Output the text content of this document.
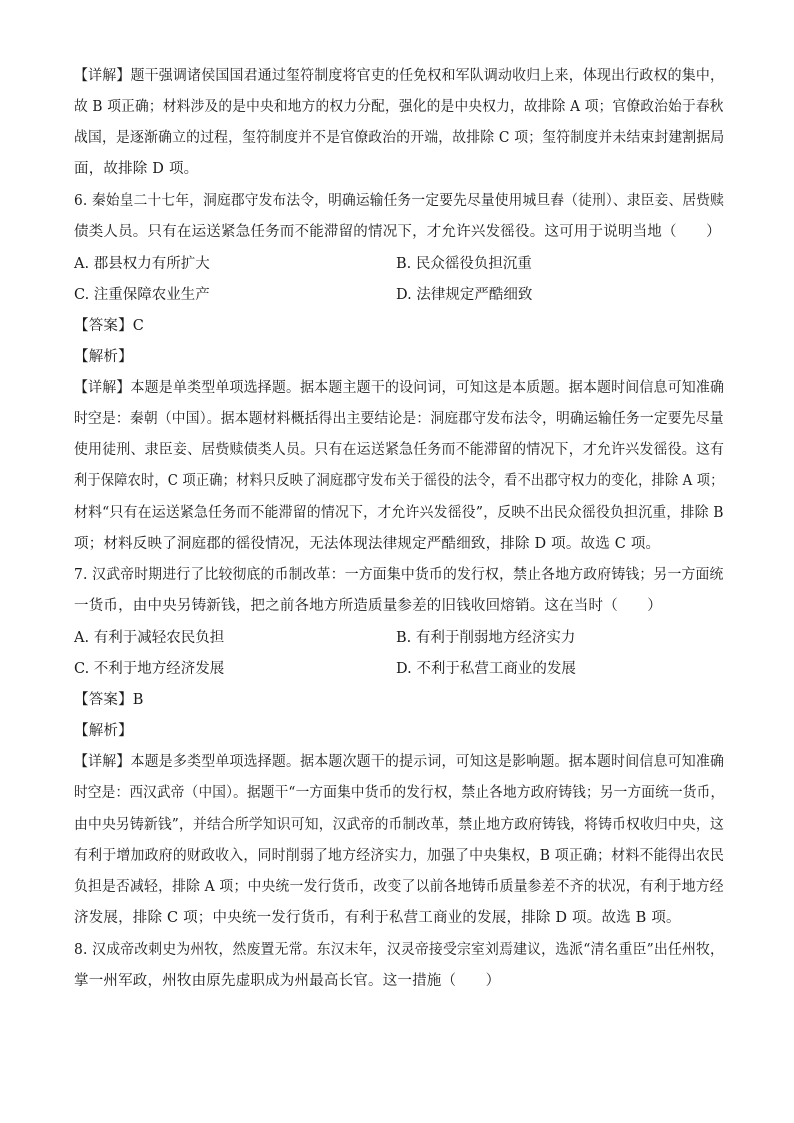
【详解】题干强调诸侯国国君通过玺符制度将官吏的任免权和军队调动收归上来，体现出行政权的集中，
故 B 项正确；材料涉及的是中央和地方的权力分配，强化的是中央权力，故排除 A 项；官僚政治始于春秋
战国，是逐渐确立的过程，玺符制度并不是官僚政治的开端，故排除 C 项；玺符制度并未结束封建割据局
面，故排除 D 项。
6. 秦始皇二十七年，洞庭郡守发布法令，明确运输任务一定要先尽量使用城旦舂（徒刑）、隶臣妾、居赀赎
债类人员。只有在运送紧急任务而不能滞留的情况下，才允许兴发徭役。这可用于说明当地（　　）
A. 郡县权力有所扩大	B. 民众徭役负担沉重
C. 注重保障农业生产	D. 法律规定严酷细致
【答案】C
【解析】
【详解】本题是单类型单项选择题。据本题主题干的设问词，可知这是本质题。据本题时间信息可知准确
时空是：秦朝（中国）。据本题材料概括得出主要结论是：洞庭郡守发布法令，明确运输任务一定要先尽量
使用徒刑、隶臣妾、居赀赎债类人员。只有在运送紧急任务而不能滞留的情况下，才允许兴发徭役。这有
利于保障农时，C 项正确；材料只反映了洞庭郡守发布关于徭役的法令，看不出郡守权力的变化，排除 A 项；
材料“只有在运送紧急任务而不能滞留的情况下，才允许兴发徭役”，反映不出民众徭役负担沉重，排除 B
项；材料反映了洞庭郡的徭役情况，无法体现法律规定严酷细致，排除 D 项。故选 C 项。
7. 汉武帝时期进行了比较彻底的币制改革：一方面集中货币的发行权，禁止各地方政府铸钱；另一方面统
一货币，由中央另铸新钱，把之前各地方所造质量参差的旧钱收回熔销。这在当时（　　）
A. 有利于减轻农民负担	B. 有利于削弱地方经济实力
C. 不利于地方经济发展	D. 不利于私营工商业的发展
【答案】B
【解析】
【详解】本题是多类型单项选择题。据本题次题干的提示词，可知这是影响题。据本题时间信息可知准确
时空是：西汉武帝（中国）。据题干“一方面集中货币的发行权，禁止各地方政府铸钱；另一方面统一货币，
由中央另铸新钱”，并结合所学知识可知，汉武帝的币制改革，禁止地方政府铸钱，将铸币权收归中央，这
有利于增加政府的财政收入，同时削弱了地方经济实力，加强了中央集权，B 项正确；材料不能得出农民
负担是否减轻，排除 A 项；中央统一发行货币，改变了以前各地铸币质量参差不齐的状况，有利于地方经
济发展，排除 C 项；中央统一发行货币，有利于私营工商业的发展，排除 D 项。故选 B 项。
8. 汉成帝改刺史为州牧，然废置无常。东汉末年，汉灵帝接受宗室刘焉建议，选派“清名重臣”出任州牧，
掌一州军政，州牧由原先虚职成为州最高长官。这一措施（　　）
